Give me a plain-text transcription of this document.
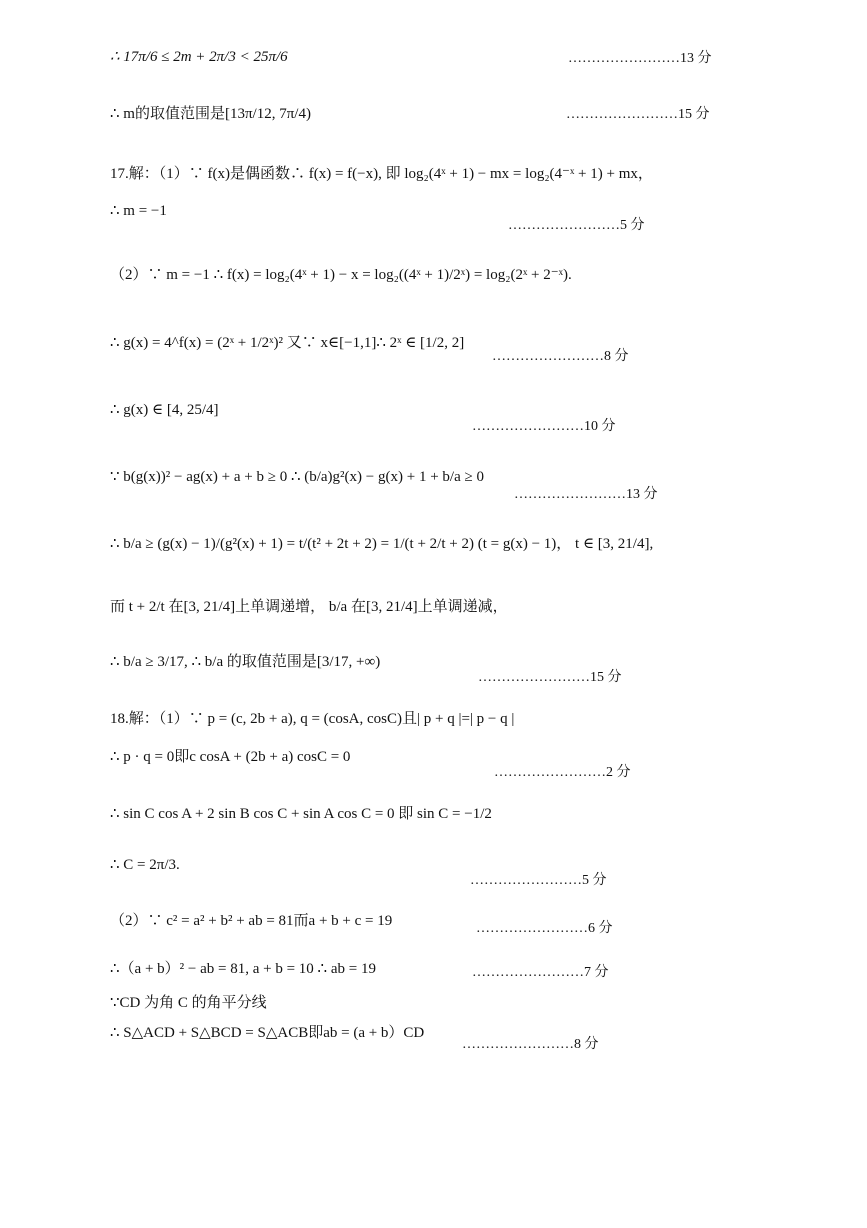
∴ 17π/6 ≤ 2m + 2π/3 < 25π/6	……………………13 分
∴ m的取值范围是[13π/12, 7π/4)	……………………15 分
17.解：（1）∵ f(x)是偶函数∴ f(x) = f(−x), 即 log₂(4ˣ + 1) − mx = log₂(4⁻ˣ + 1) + mx，
∴ m = −1
……………………5 分
（2）∵ m = −1 ∴ f(x) = log₂(4ˣ + 1) − x = log₂((4ˣ + 1)/2ˣ) = log₂(2ˣ + 2⁻ˣ).
∴ g(x) = 4^f(x) = (2ˣ + 1/2ˣ)² 又∵ x∈[−1,1]∴ 2ˣ ∈ [1/2, 2]
……………………8 分
∴ g(x) ∈ [4, 25/4]
……………………10 分
∵ b(g(x))² − ag(x) + a + b ≥ 0 ∴ (b/a)g²(x) − g(x) + 1 + b/a ≥ 0
……………………13 分
∴ b/a ≥ (g(x) − 1)/(g²(x) + 1) = t/(t² + 2t + 2) = 1/(t + 2/t + 2) (t = g(x) − 1)， t ∈ [3, 21/4],
而 t + 2/t 在[3, 21/4]上单调递增， b/a 在[3, 21/4]上单调递减，
∴ b/a ≥ 3/17, ∴ b/a 的取值范围是[3/17, +∞)
……………………15 分
18.解：（1）∵ p = (c, 2b + a), q = (cosA, cosC)且| p + q |=| p − q |
∴ p · q = 0即c cosA + (2b + a) cosC = 0
……………………2 分
∴ sin C cos A + 2 sin B cos C + sin A cos C = 0 即 sin C = −1/2
∴ C = 2π/3.
……………………5 分
（2）∵ c² = a² + b² + ab = 81而a + b + c = 19	……………………6 分
∴（a + b）² − ab = 81, a + b = 10 ∴ ab = 19	……………………7 分
∵CD 为角 C 的角平分线
∴ S△ACD + S△BCD = S△ACB即ab = (a + b）CD
……………………8 分
